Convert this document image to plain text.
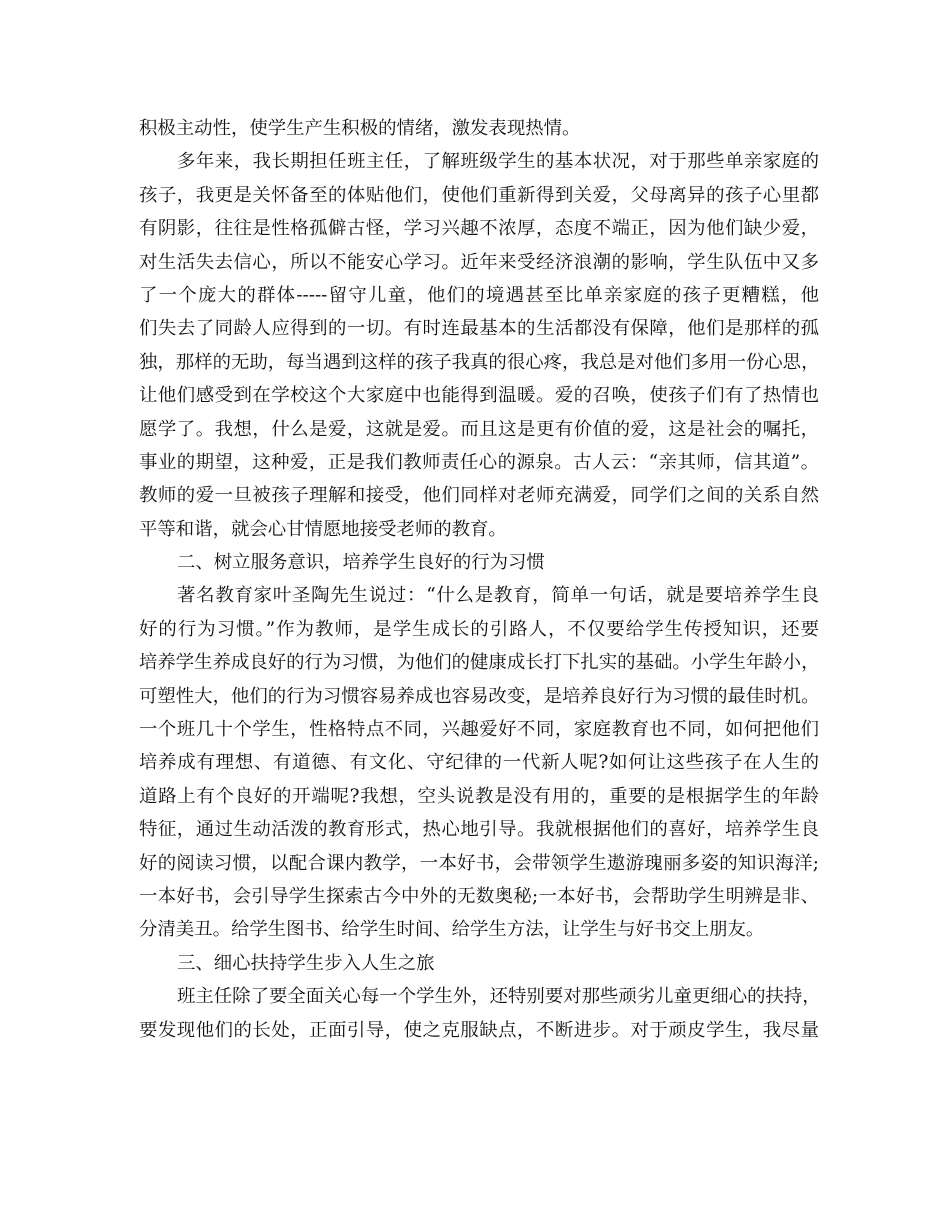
积极主动性，使学生产生积极的情绪，激发表现热情。
多年来，我长期担任班主任，了解班级学生的基本状况，对于那些单亲家庭的
孩子，我更是关怀备至的体贴他们，使他们重新得到关爱，父母离异的孩子心里都
有阴影，往往是性格孤僻古怪，学习兴趣不浓厚，态度不端正，因为他们缺少爱，
对生活失去信心，所以不能安心学习。近年来受经济浪潮的影响，学生队伍中又多
了一个庞大的群体-----留守儿童，他们的境遇甚至比单亲家庭的孩子更糟糕，他
们失去了同龄人应得到的一切。有时连最基本的生活都没有保障，他们是那样的孤
独，那样的无助，每当遇到这样的孩子我真的很心疼，我总是对他们多用一份心思，
让他们感受到在学校这个大家庭中也能得到温暖。爱的召唤，使孩子们有了热情也
愿学了。我想，什么是爱，这就是爱。而且这是更有价值的爱，这是社会的嘱托，
事业的期望，这种爱，正是我们教师责任心的源泉。古人云：“亲其师，信其道”。
教师的爱一旦被孩子理解和接受，他们同样对老师充满爱，同学们之间的关系自然
平等和谐，就会心甘情愿地接受老师的教育。
二、树立服务意识，培养学生良好的行为习惯
著名教育家叶圣陶先生说过：“什么是教育，简单一句话，就是要培养学生良
好的行为习惯。”作为教师，是学生成长的引路人，不仅要给学生传授知识，还要
培养学生养成良好的行为习惯，为他们的健康成长打下扎实的基础。小学生年龄小，
可塑性大，他们的行为习惯容易养成也容易改变，是培养良好行为习惯的最佳时机。
一个班几十个学生，性格特点不同，兴趣爱好不同，家庭教育也不同，如何把他们
培养成有理想、有道德、有文化、守纪律的一代新人呢?如何让这些孩子在人生的
道路上有个良好的开端呢?我想，空头说教是没有用的，重要的是根据学生的年龄
特征，通过生动活泼的教育形式，热心地引导。我就根据他们的喜好，培养学生良
好的阅读习惯，以配合课内教学，一本好书，会带领学生遨游瑰丽多姿的知识海洋;
一本好书，会引导学生探索古今中外的无数奥秘;一本好书，会帮助学生明辨是非、
分清美丑。给学生图书、给学生时间、给学生方法，让学生与好书交上朋友。
三、细心扶持学生步入人生之旅
班主任除了要全面关心每一个学生外，还特别要对那些顽劣儿童更细心的扶持，
要发现他们的长处，正面引导，使之克服缺点，不断进步。对于顽皮学生，我尽量
